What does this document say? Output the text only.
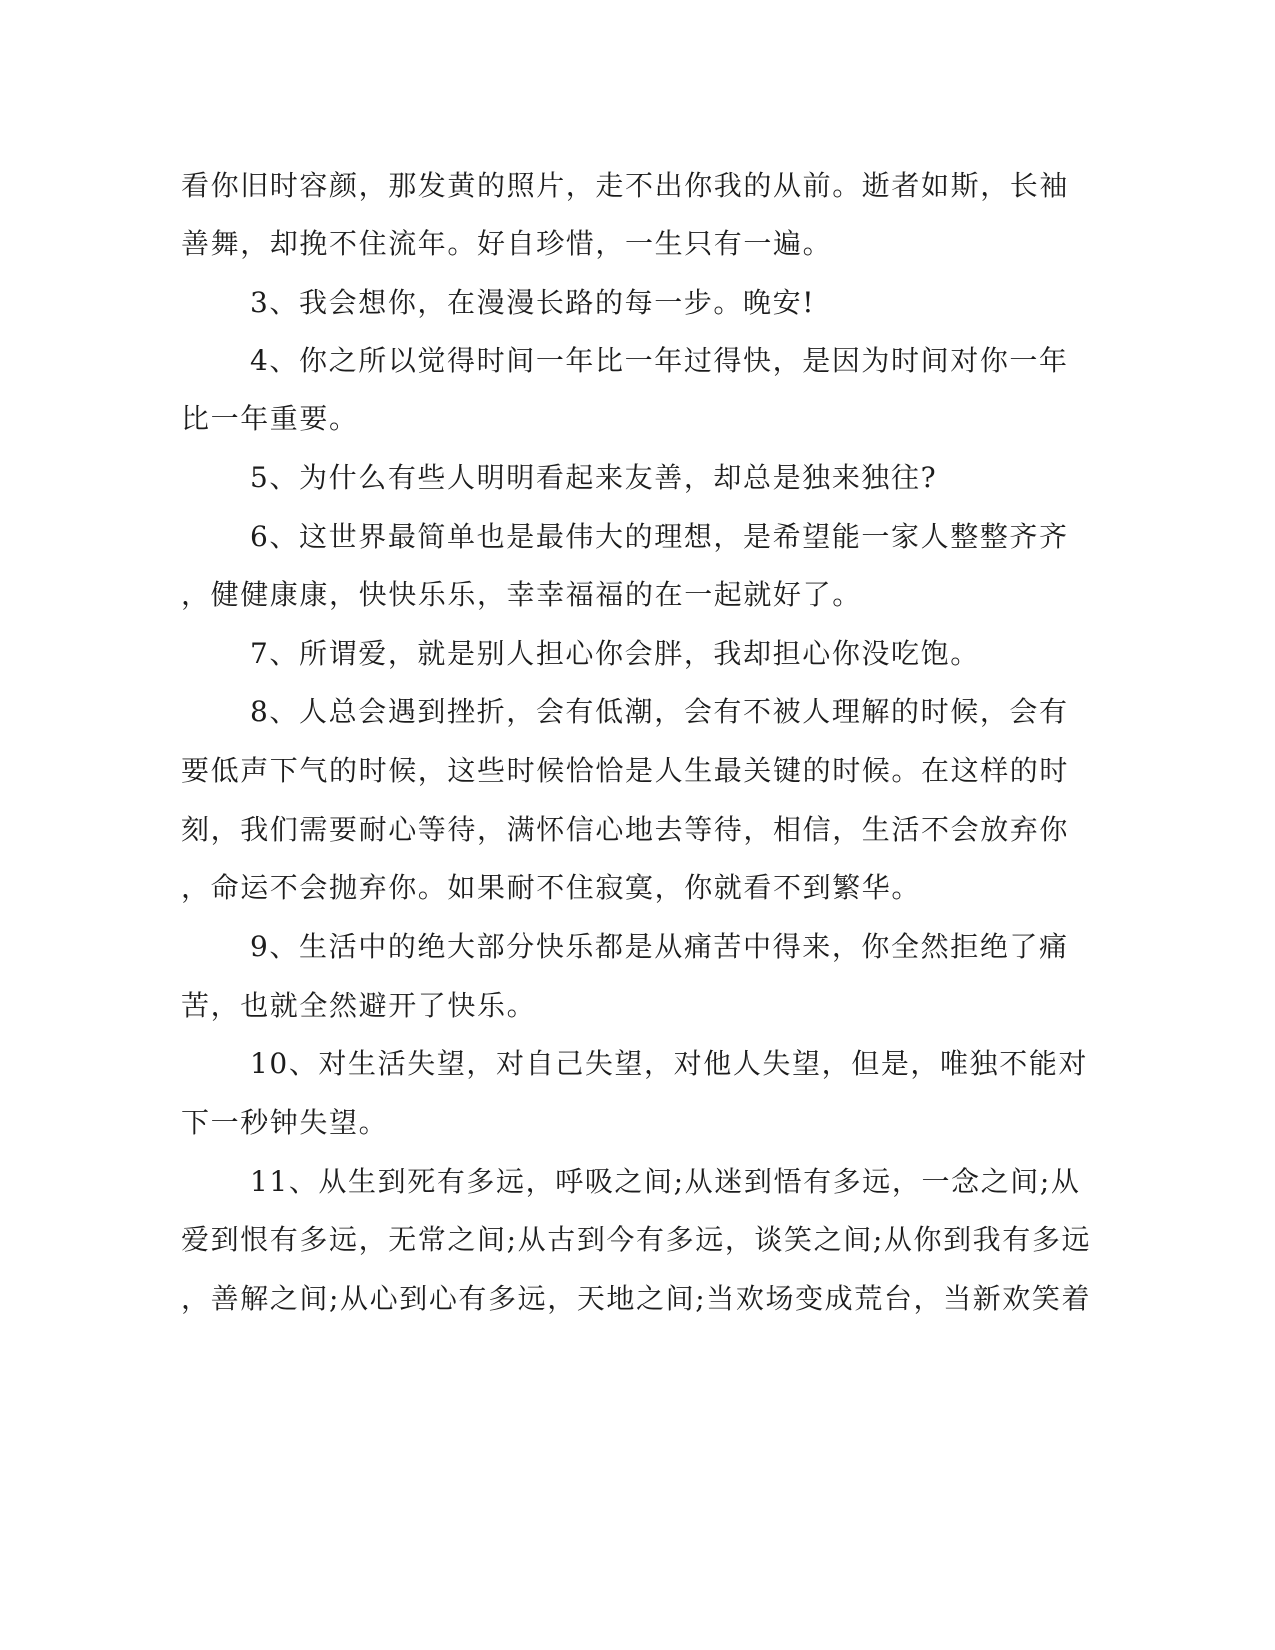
看你旧时容颜，那发黄的照片，走不出你我的从前。逝者如斯，长袖
善舞，却挽不住流年。好自珍惜，一生只有一遍。
3、我会想你，在漫漫长路的每一步。晚安!
4、你之所以觉得时间一年比一年过得快，是因为时间对你一年
比一年重要。
5、为什么有些人明明看起来友善，却总是独来独往?
6、这世界最简单也是最伟大的理想，是希望能一家人整整齐齐
，健健康康，快快乐乐，幸幸福福的在一起就好了。
7、所谓爱，就是别人担心你会胖，我却担心你没吃饱。
8、人总会遇到挫折，会有低潮，会有不被人理解的时候，会有
要低声下气的时候，这些时候恰恰是人生最关键的时候。在这样的时
刻，我们需要耐心等待，满怀信心地去等待，相信，生活不会放弃你
，命运不会抛弃你。如果耐不住寂寞，你就看不到繁华。
9、生活中的绝大部分快乐都是从痛苦中得来，你全然拒绝了痛
苦，也就全然避开了快乐。
10、对生活失望，对自己失望，对他人失望，但是，唯独不能对
下一秒钟失望。
11、从生到死有多远，呼吸之间;从迷到悟有多远，一念之间;从
爱到恨有多远，无常之间;从古到今有多远，谈笑之间;从你到我有多远
，善解之间;从心到心有多远，天地之间;当欢场变成荒台，当新欢笑着
